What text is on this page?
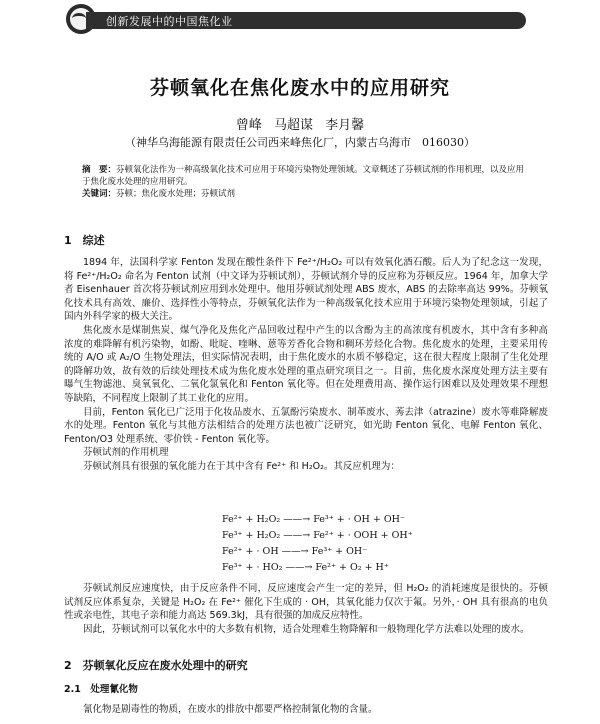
创新发展中的中国焦化业
芬顿氧化在焦化废水中的应用研究
曾峰 马超谋 李月馨
（神华乌海能源有限责任公司西来峰焦化厂，内蒙古乌海市　016030）
摘　要：芬顿氧化法作为一种高级氧化技术可应用于环境污染物处理领域。文章概述了芬顿试剂的作用机理，以及应用于焦化废水处理的应用研究。
关键词：芬顿；焦化废水处理；芬顿试剂
1　综述

1894 年，法国科学家 Fenton 发现在酸性条件下 Fe²⁺/H₂O₂ 可以有效氧化酒石酸。后人为了纪念这一发现，将 Fe²⁺/H₂O₂ 命名为 Fenton 试剂（中文译为芬顿试剂），芬顿试剂介导的反应称为芬顿反应。1964 年，加拿大学者 Eisenhauer 首次将芬顿试剂应用到水处理中。他用芬顿试剂处理 ABS 废水，ABS 的去除率高达 99%。芬顿氧化技术具有高效、廉价、选择性小等特点，芬顿氧化法作为一种高级氧化技术应用于环境污染物处理领域，引起了国内外科学家的极大关注。

焦化废水是煤制焦炭、煤气净化及焦化产品回收过程中产生的以含酚为主的高浓度有机废水，其中含有多种高浓度的难降解有机污染物，如酚、吡啶、喹啉、蒽等芳香化合物和稠环芳烃化合物。焦化废水的处理，主要采用传统的 A/O 或 A₂/O 生物处理法，但实际情况表明，由于焦化废水的水质不够稳定，这在很大程度上限制了生化处理的降解功效，故有效的后续处理技术成为焦化废水处理的重点研究项目之一。目前，焦化废水深度处理方法主要有曝气生物滤池、臭氧氧化、二氧化氯氧化和 Fenton 氧化等。但在处理费用高、操作运行困难以及处理效果不理想等缺陷，不同程度上限制了其工业化的应用。

目前，Fenton 氧化已广泛用于化妆品废水、五氯酚污染废水、制革废水、莠去津（atrazine）废水等难降解废水的处理。Fenton 氧化与其他方法相结合的处理方法也被广泛研究，如光助 Fenton 氧化、电解 Fenton 氧化、Fenton/O3 处理系统、零价铁 - Fenton 氧化等。

芬顿试剂的作用机理

芬顿试剂具有很强的氧化能力在于其中含有 Fe²⁺ 和 H₂O₂。其反应机理为：

Fe²⁺ + H₂O₂ ——→ Fe³⁺ + · OH + OH⁻
Fe³⁺ + H₂O₂ ——→ Fe²⁺ + · OOH + OH⁺
Fe²⁺ + · OH ——→ Fe³⁺ + OH⁻
Fe³⁺ + · HO₂ ——→ Fe²⁺ + O₂ + H⁺

芬顿试剂反应速度快，由于反应条件不同，反应速度会产生一定的差异，但 H₂O₂ 的消耗速度是很快的。芬顿试剂反应体系复杂，关键是 H₂O₂ 在 Fe²⁺ 催化下生成的 · OH，其氧化能力仅次于氟。另外，· OH 具有很高的电负性或亲电性，其电子亲和能力高达 569.3kJ，具有很强的加成反应特性。

因此，芬顿试剂可以氧化水中的大多数有机物，适合处理难生物降解和一般物理化学方法难以处理的废水。

2　芬顿氧化反应在废水处理中的研究
2.1　处理氰化物

氰化物是剧毒性的物质，在废水的排放中都要严格控制氰化物的含量。
